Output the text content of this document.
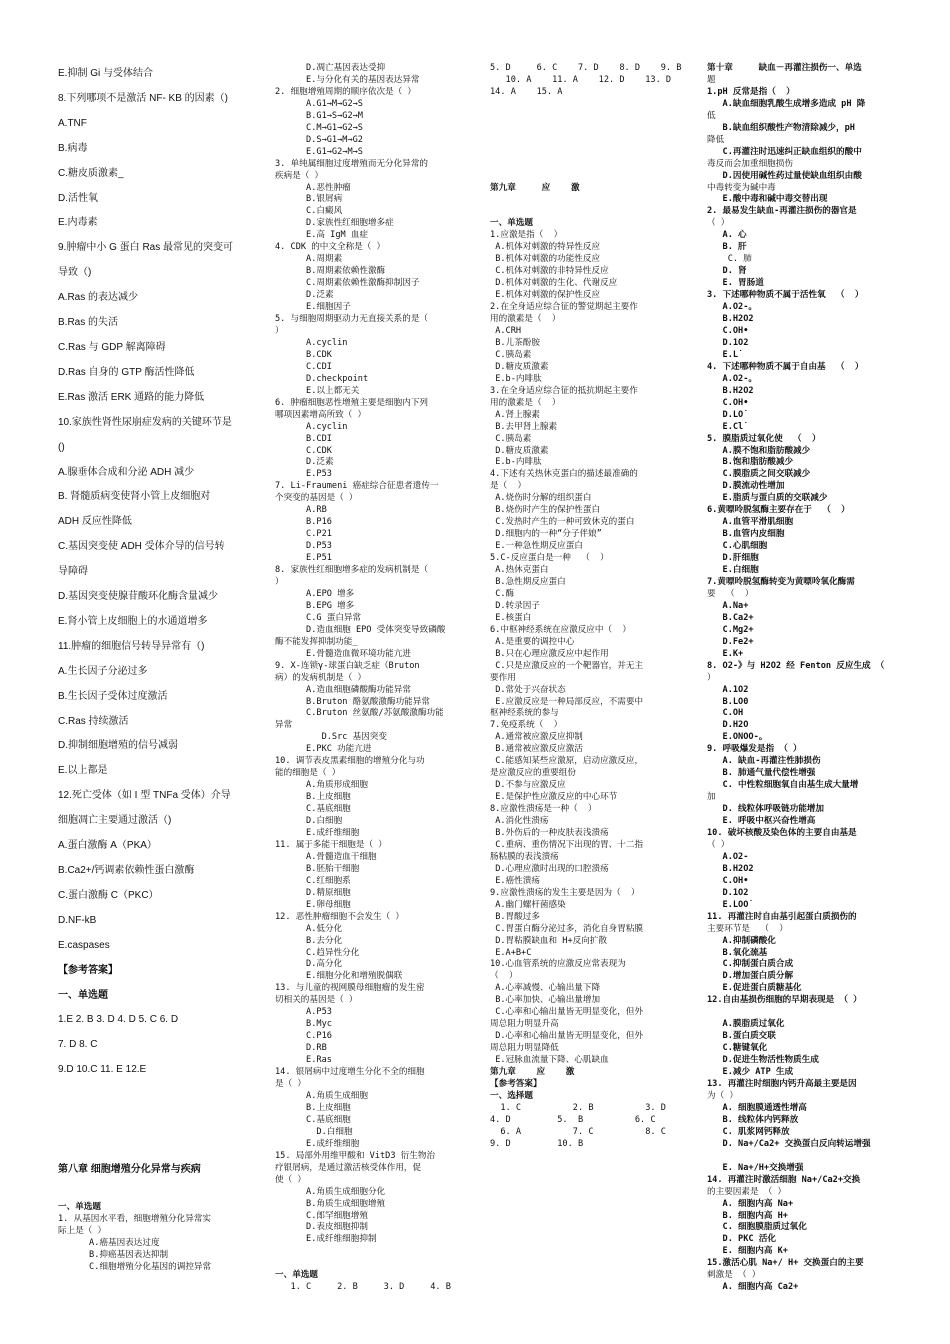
E.抑制 Gi 与受体结合
8.下列哪项不是激活 NF- KB 的因素（)
A.TNF
B.病毒
C.糖皮质激素_
D.活性氧
E.内毒素
9.肿瘤中小 G 蛋白 Ras 最常见的突变可
导致（)
A.Ras 的表达减少
B.Ras 的失活
C.Ras 与 GDP 解离障碍
D.Ras 自身的 GTP 酶活性降低
E.Ras 激活 ERK 通路的能力降低
10.家族性肾性尿崩症发病的关键环节是
()
A.腺垂体合成和分泌 ADH 减少
B. 肾髓质病变使肾小管上皮细胞对
ADH 反应性降低
C.基因突变使 ADH 受体介导的信号转
导障碍
D.基因突变使腺苷酸环化酶含量减少
E.肾小管上皮细胞上的水通道增多
11.肿瘤的细胞信号转导异常有（)
A.生长因子分泌过多
B.生长因子受体过度激活
C.Ras 持续激活
D.抑制细胞增殖的信号减弱
E.以上都是
12.死亡受体（如 I 型 TNFa 受体）介导
细胞凋亡主要通过激活（)
A.蛋白激酶 A（PKA）
B.Ca2+/钙调素依赖性蛋白激酶
C.蛋白激酶 C（PKC）
D.NF-kB
E.caspases
【参考答案】
一、单选题
1.E 2. B 3. D 4. D 5. C 6. D
7. D 8. C
9.D 10.C 11. E 12.E

第八章 细胞增殖分化异常与疾病
一、单选题
1. 从基因水平看，细胞增殖分化异常实
际上是（ ）
A.癌基因表达过度
B.抑癌基因表达抑制
C.细胞增殖分化基因的调控异常
D.凋亡基因表达受抑
E.与分化有关的基因表达异常
2. 细胞增殖周期的顺序依次是（ ）
A.G1→M→G2→S
B.G1→S→G2→M
C.M→G1→G2→S
D.S→G1→M→G2
E.G1→G2→M→S
3. 单纯属细胞过度增殖而无分化异常的
疾病是（ ）
A.恶性肿瘤
B.银屑病
C.白癜风
D.家族性红细胞增多症
E.高 IgM 血症
4. CDK 的中文全称是（ ）
A.周期素
B.周期素依赖性激酶
C.周期素依赖性激酶抑制因子
D.泛素
E.细胞因子
5. 与细胞周期驱动力无直接关系的是（
）
A.cyclin
B.CDK
C.CDI
D.checkpoint
E.以上都无关
6. 肿瘤细胞恶性增殖主要是细胞内下列
哪项因素增高所致（ ）
A.cyclin
B.CDI
C.CDK
D.泛素
E.P53
7. Li-Fraumeni 癌症综合征患者遗传一
个突变的基因是（ ）
A.RB
B.P16
C.P21
D.P53
E.P51
8. 家族性红细胞增多症的发病机制是（
）
A.EPO 增多
B.EPG 增多
C.G 蛋白异常
D.造血细胞 EPO 受体突变导致磷酸
酶不能发挥抑制功能_
E.骨髓造血微环境功能亢进
9. X-连锁γ-球蛋白缺乏症（Bruton
病）的发病机制是（ ）
A.造血细胞磷酸酶功能异常
B.Bruton 酪氨酸激酶功能异常
C.Bruton 丝氨酸/苏氨酸激酶功能
异常
D.Src 基因突变
E.PKC 功能亢进
10. 调节表皮黑素细胞的增殖分化与功
能的细胞是（ ）
A.角质形成细胞
B.上皮细胞
C.基底细胞
D.白细胞
E.成纤维细胞
11. 属于多能干细胞是（ ）
A.骨髓造血干细胞
B.胚胎干细胞
C.红细胞系
D.精原细胞
E.卵母细胞
12. 恶性肿瘤细胞不会发生（ ）
A.低分化
B.去分化
C.趋异性分化
D.高分化
E.细胞分化和增殖脱偶联
13. 与儿童的视网膜母细胞瘤的发生密
切相关的基因是（ ）
A.P53
B.Myc
C.P16
D.RB
E.Ras
14. 银屑病中过度增生分化不全的细胞
是（ ）
A.角质生成细胞
B.上皮细胞
C.基底细胞
D.白细胞
E.成纤维细胞
15. 局部外用维甲酸和 VitD3 衍生物治
疗银屑病，是通过激活核受体作用，促
使（ ）
A.角质生成细胞分化
B.角质生成细胞增殖
C.郎罕细胞增殖
D.表皮细胞抑制
E.成纤维细胞抑制

一、单选题
1. C     2. B     3. D     4. B
5. D     6. C    7. D    8. D    9. B
10. A    11. A    12. D    13. D
14. A    15. A

第九章     应    激

一、单选题
1.应激是指（  ）
A.机体对刺激的特异性反应
B.机体对刺激的功能性反应
C.机体对刺激的非特异性反应
D.机体对刺激的生化、代谢反应
E.机体对刺激的保护性反应
2.在全身适应综合征的警觉期起主要作
用的激素是（  ）
A.CRH
B.儿茶酚胺
C.胰岛素
D.糖皮质激素
E.b-内啡肽
3.在全身适应综合征的抵抗期起主要作
用的激素是（  ）
A.肾上腺素
B.去甲肾上腺素
C.胰岛素
D.糖皮质激素
E.b-内啡肽
4.下述有关热休克蛋白的描述最准确的
是（  ）
A.烧伤时分解的组织蛋白
B.烧伤时产生的保护性蛋白
C.发热时产生的一种可致休克的蛋白
D.细胞内的一种“分子伴娘”
E.一种急性期反应蛋白
5.C-反应蛋白是一种  （  ）
A.热休克蛋白
B.急性期反应蛋白
C.酶
D.转录因子
E.核蛋白
6.中枢神经系统在应激反应中（  ）
A.是重要的调控中心
B.只在心理应激反应中起作用
C.只是应激反应的一个靶器官，并无主
要作用
D.常处于兴奋状态
E.应激反应是一种局部反应，不需要中
枢神经系统的参与
7.免疫系统（  ）
A.通常被应激反应抑制
B.通常被应激反应激活
C.能感知某些应激原，启动应激反应，
是应激反应的重要组份
D.不参与应激反应
E.是保护性应激反应的中心环节
8.应激性溃疡是一种（  ）
A.消化性溃疡
B.外伤后的一种皮肤表浅溃疡
C.重病、重伤情况下出现的胃、十二指
肠粘膜的表浅溃疡
D.心理应激时出现的口腔溃疡
E.癌性溃疡
9.应激性溃疡的发生主要是因为（  ）
A.幽门螺杆菌感染
B.胃酸过多
C.胃蛋白酶分泌过多，消化自身胃粘膜
D.胃粘膜缺血和 H+反向扩散
E.A+B+C
10.心血管系统的应激反应常表现为
（  ）
A.心率减慢、心输出量下降
B.心率加快、心输出量增加
C.心率和心输出量皆无明显变化，但外
周总阻力明显升高
D.心率和心输出量皆无明显变化，但外
周总阻力明显降低
E.冠脉血流量下降、心肌缺血
第九章    应    激
【参考答案】
一、选择题
1. C          2. B          3. D
4. D         5.  B          6. C
6. A          7. C          8. C
9. D         10. B
第十章     缺血－再灌注损伤一、单选
题
1.pH 反常是指（  ）
A.缺血细胞乳酸生成增多造成 pH 降
低
B.缺血组织酸性产物清除减少，pH
降低
C.再灌注时迅速纠正缺血组织的酸中
毒反而会加重细胞损伤
D.因使用碱性药过量使缺血组织由酸
中毒转变为碱中毒
E.酸中毒和碱中毒交替出现
2. 最易发生缺血-再灌注损伤的器官是
（ ）
A. 心
B. 肝
C. 肺
D. 肾
E. 胃肠道
3. 下述哪种物质不属于活性氧  （  ）
A.O2-。
B.H2O2
C.OH•
D.1O2
E.L˙
4. 下述哪种物质不属于自由基  （  ）
A.O2-。
B.H2O2
C.OH•
D.LO˙
E.Cl˙
5. 膜脂质过氧化使  （  ）
A.膜不饱和脂肪酸减少
B.饱和脂肪酸减少
C.膜脂质之间交联减少
D.膜流动性增加
E.脂质与蛋白质的交联减少
6.黄嘌呤脱氢酶主要存在于  （  ）
A.血管平滑肌细胞
B.血管内皮细胞
C.心肌细胞
D.肝细胞
E.白细胞
7.黄嘌呤脱氢酶转变为黄嘌呤氧化酶需
要  （  ）
A.Na+
B.Ca2+
C.Mg2+
D.Fe2+
E.K+
8. O2-》与 H2O2 经 Fenton 反应生成 （
）
A.1O2
B.LO0
C.OH
D.H2O
E.ONOO-。
9. 呼吸爆发是指 （ ）
A. 缺血-再灌注性肺损伤
B. 肺通气量代偿性增强
C. 中性粒细胞氧自由基生成大量增
加
D. 线粒体呼吸链功能增加
E. 呼吸中枢兴奋性增高
10. 破坏核酸及染色体的主要自由基是
（ ）
A.O2-
B.H2O2
C.OH•
D.1O2
E.LOO˙
11. 再灌注时自由基引起蛋白质损伤的
主要环节是  （  ）
A.抑制磷酸化
B.氧化巯基
C.抑制蛋白质合成
D.增加蛋白质分解
E.促进蛋白质糖基化
12.自由基损伤细胞的早期表现是 （ ）

A.膜脂质过氧化
B.蛋白质交联
C.糖键氧化
D.促进生物活性物质生成
E.减少 ATP 生成
13. 再灌注时细胞内钙升高最主要是因
为（ ）
A. 细胞膜通透性增高
B. 线粒体内钙释放
C. 肌浆网钙释放
D. Na+/Ca2+ 交换蛋白反向转运增强

E. Na+/H+交换增强
14. 再灌注时激活细胞 Na+/Ca2+交换
的主要因素是 （ ）
A. 细胞内高 Na+
B. 细胞内高 H+
C. 细胞膜脂质过氧化
D. PKC 活化
E. 细胞内高 K+
15.激活心肌 Na+/ H+ 交换蛋白的主要
刺激是 （ ）
A. 细胞内高 Ca2+
